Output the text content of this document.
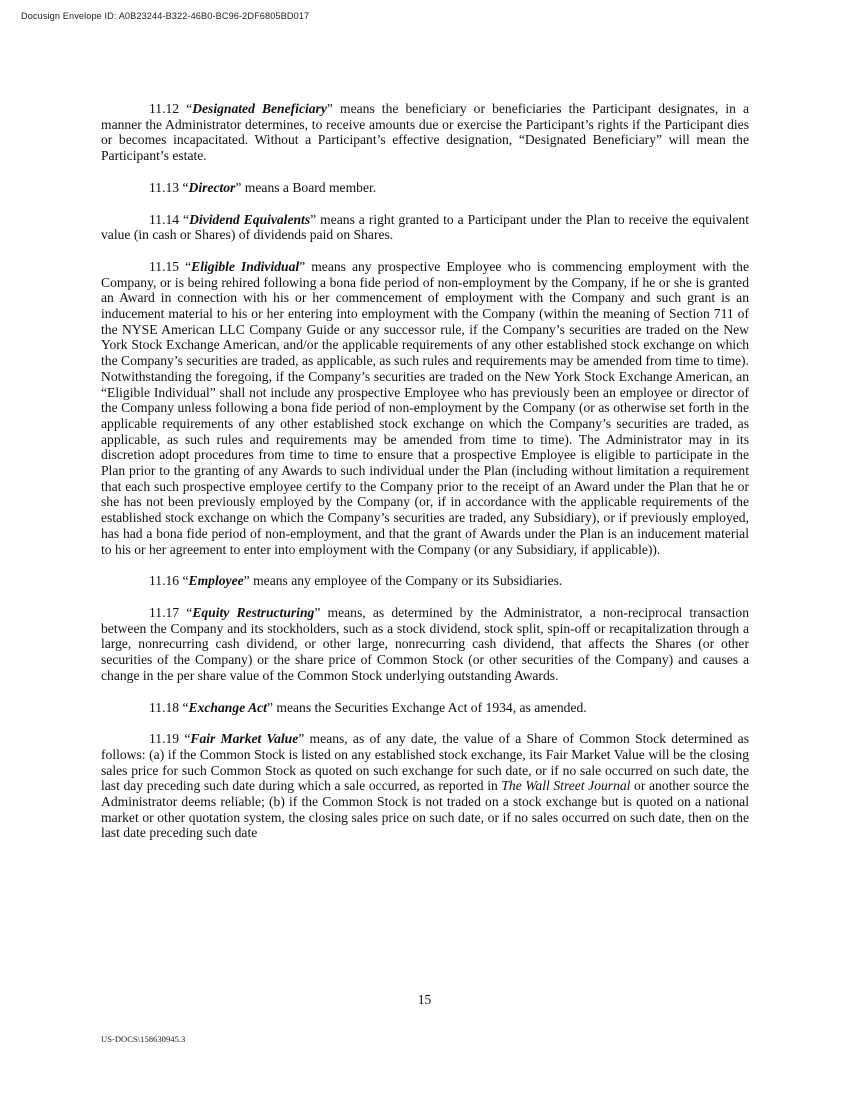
Docusign Envelope ID: A0B23244-B322-46B0-BC96-2DF6805BD017

11.12 “Designated Beneficiary” means the beneficiary or beneficiaries the Participant designates, in a manner the Administrator determines, to receive amounts due or exercise the Participant’s rights if the Participant dies or becomes incapacitated. Without a Participant’s effective designation, “Designated Beneficiary” will mean the Participant’s estate.

11.13 “Director” means a Board member.

11.14 “Dividend Equivalents” means a right granted to a Participant under the Plan to receive the equivalent value (in cash or Shares) of dividends paid on Shares.

11.15 “Eligible Individual” means any prospective Employee who is commencing employment with the Company, or is being rehired following a bona fide period of non-employment by the Company, if he or she is granted an Award in connection with his or her commencement of employment with the Company and such grant is an inducement material to his or her entering into employment with the Company (within the meaning of Section 711 of the NYSE American LLC Company Guide or any successor rule, if the Company’s securities are traded on the New York Stock Exchange American, and/or the applicable requirements of any other established stock exchange on which the Company’s securities are traded, as applicable, as such rules and requirements may be amended from time to time). Notwithstanding the foregoing, if the Company’s securities are traded on the New York Stock Exchange American, an “Eligible Individual” shall not include any prospective Employee who has previously been an employee or director of the Company unless following a bona fide period of non-employment by the Company (or as otherwise set forth in the applicable requirements of any other established stock exchange on which the Company’s securities are traded, as applicable, as such rules and requirements may be amended from time to time). The Administrator may in its discretion adopt procedures from time to time to ensure that a prospective Employee is eligible to participate in the Plan prior to the granting of any Awards to such individual under the Plan (including without limitation a requirement that each such prospective employee certify to the Company prior to the receipt of an Award under the Plan that he or she has not been previously employed by the Company (or, if in accordance with the applicable requirements of the established stock exchange on which the Company’s securities are traded, any Subsidiary), or if previously employed, has had a bona fide period of non-employment, and that the grant of Awards under the Plan is an inducement material to his or her agreement to enter into employment with the Company (or any Subsidiary, if applicable)).

11.16 “Employee” means any employee of the Company or its Subsidiaries.

11.17 “Equity Restructuring” means, as determined by the Administrator, a non-reciprocal transaction between the Company and its stockholders, such as a stock dividend, stock split, spin-off or recapitalization through a large, nonrecurring cash dividend, or other large, nonrecurring cash dividend, that affects the Shares (or other securities of the Company) or the share price of Common Stock (or other securities of the Company) and causes a change in the per share value of the Common Stock underlying outstanding Awards.

11.18 “Exchange Act” means the Securities Exchange Act of 1934, as amended.

11.19 “Fair Market Value” means, as of any date, the value of a Share of Common Stock determined as follows: (a) if the Common Stock is listed on any established stock exchange, its Fair Market Value will be the closing sales price for such Common Stock as quoted on such exchange for such date, or if no sale occurred on such date, the last day preceding such date during which a sale occurred, as reported in The Wall Street Journal or another source the Administrator deems reliable; (b) if the Common Stock is not traded on a stock exchange but is quoted on a national market or other quotation system, the closing sales price on such date, or if no sales occurred on such date, then on the last date preceding such date

15
US-DOCS\158630945.3
